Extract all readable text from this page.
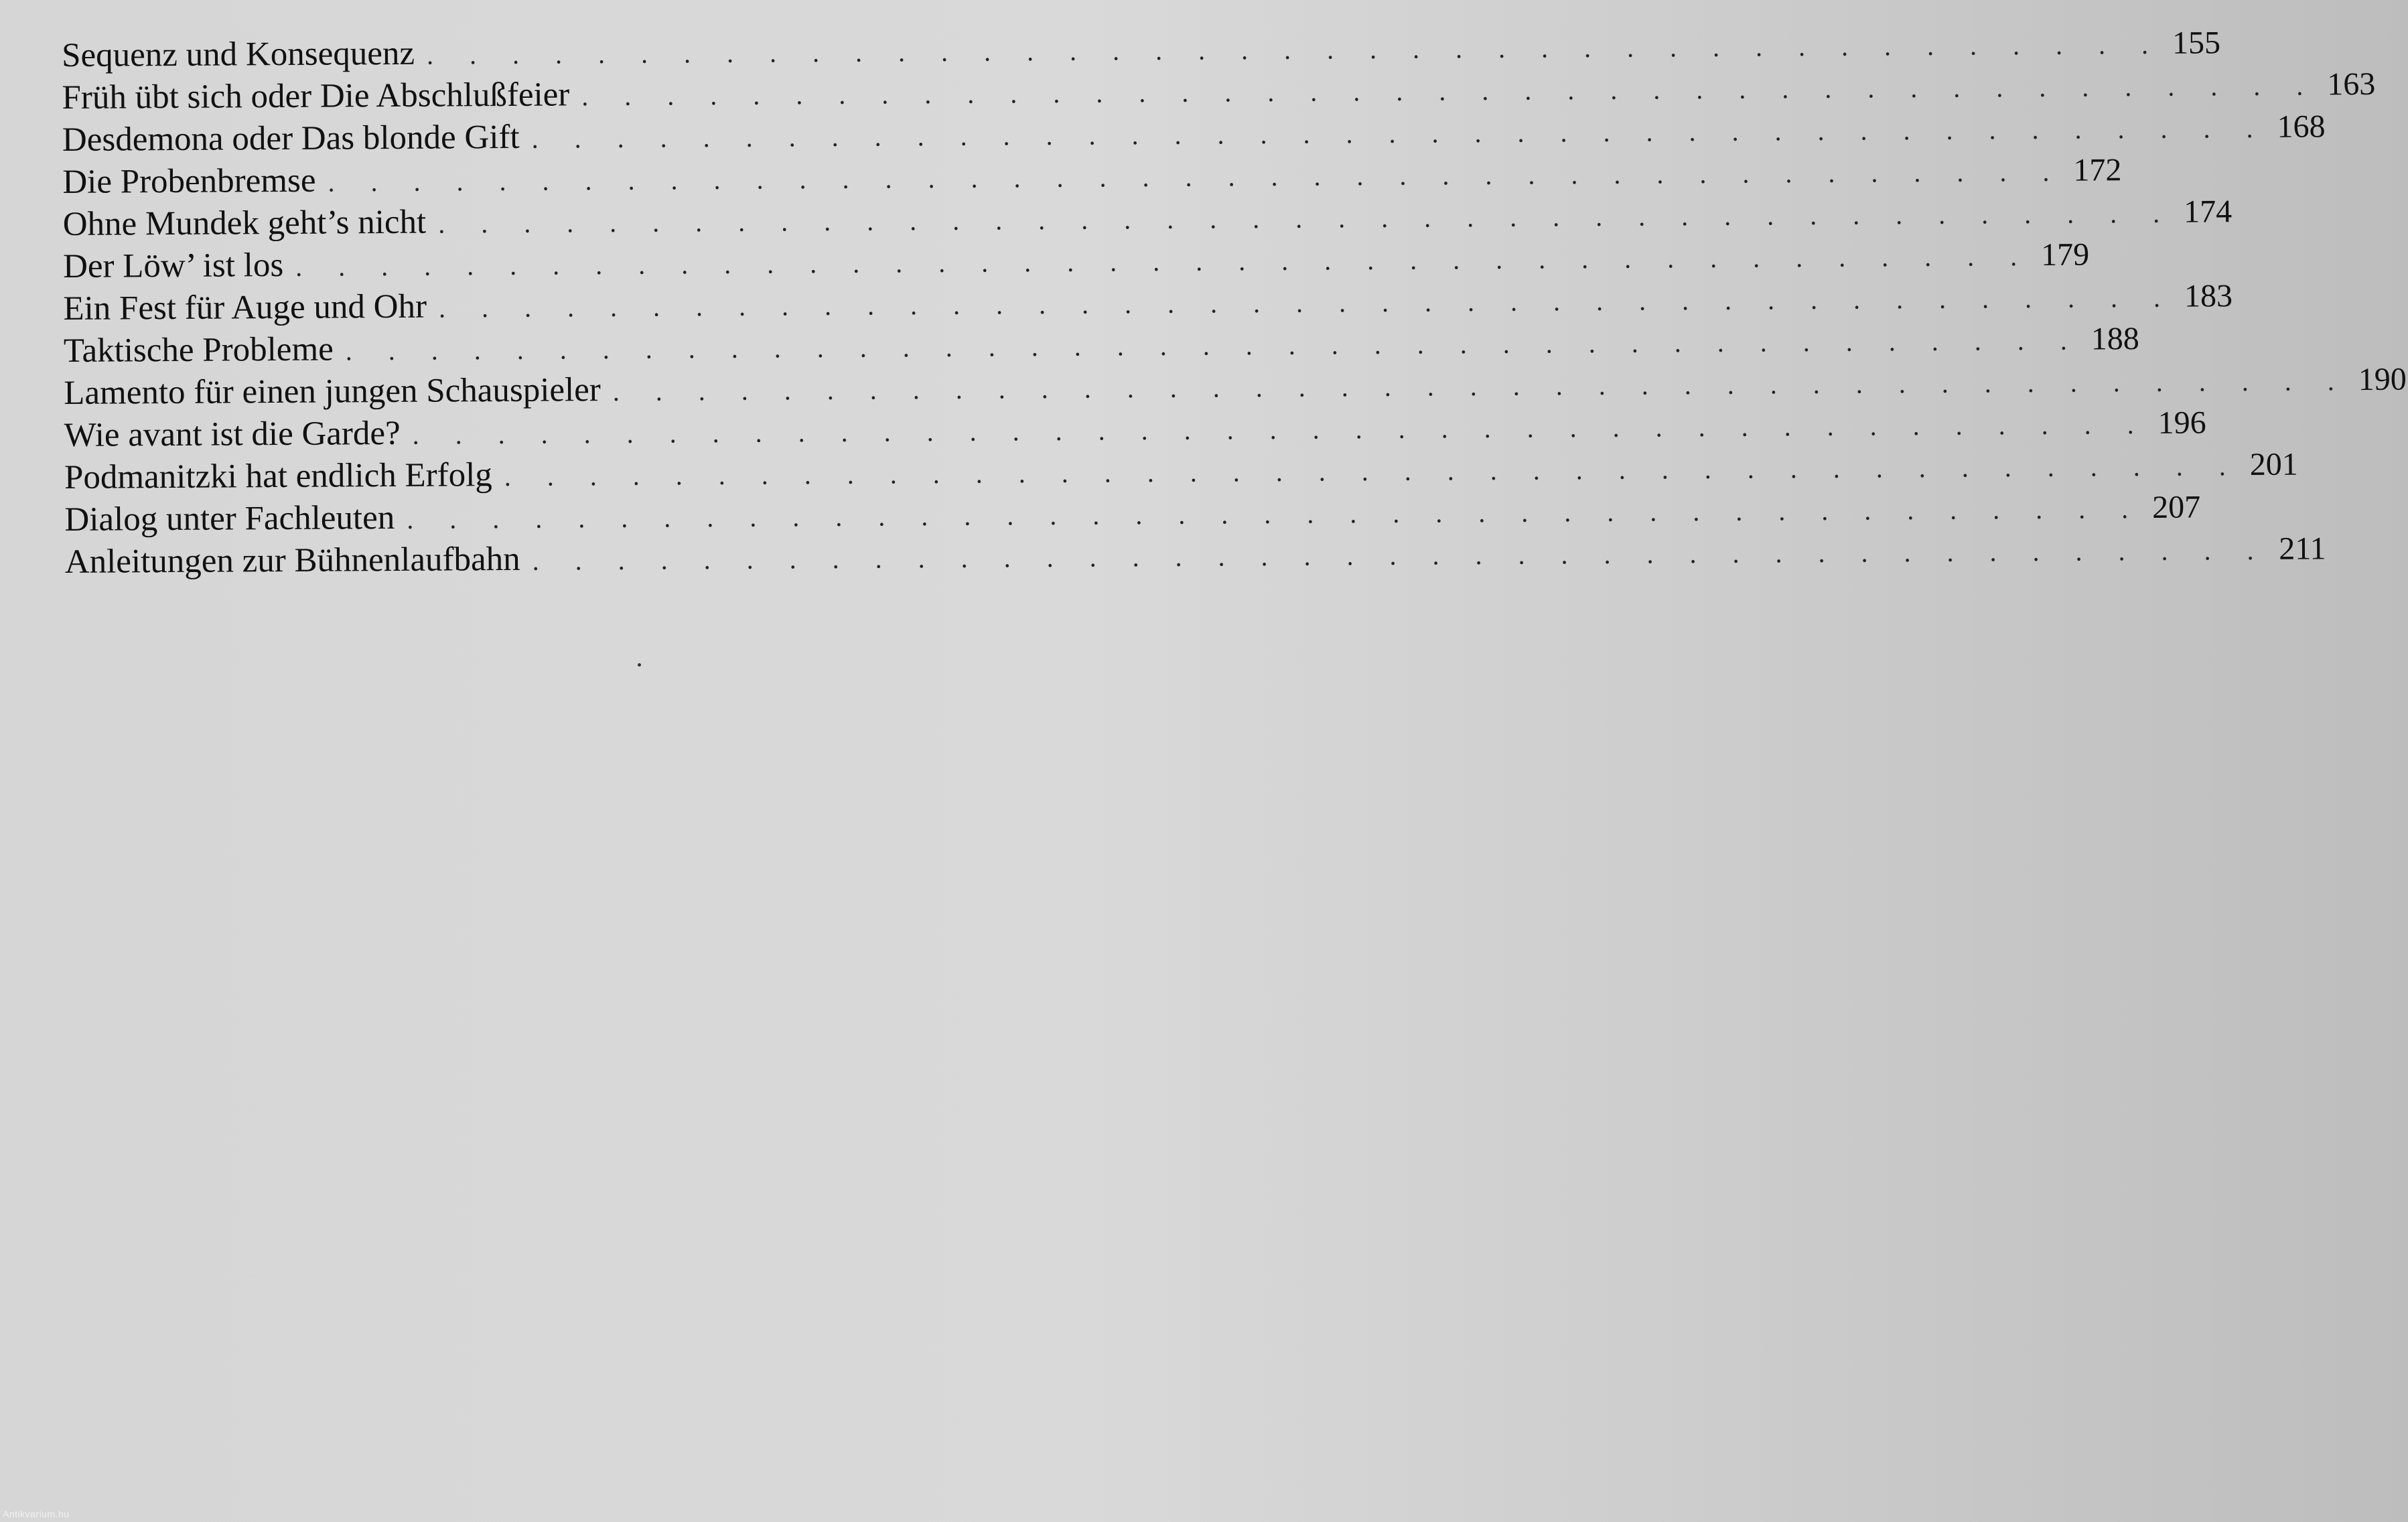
Sequenz und Konsequenz . . . . . . . . . . . . . . . . . . . . . . . . . . . . . . . . . . . . . . . . . 155
Früh übt sich oder Die Abschlußfeier . . . . . . . . . . . . . . . . . . . . . . . . . . . . . . . . . . . . . . . . . 163
Desdemona oder Das blonde Gift . . . . . . . . . . . . . . . . . . . . . . . . . . . . . . . . . . . . . . . . . 168
Die Probenbremse . . . . . . . . . . . . . . . . . . . . . . . . . . . . . . . . . . . . . . . . . 172
Ohne Mundek geht’s nicht . . . . . . . . . . . . . . . . . . . . . . . . . . . . . . . . . . . . . . . . . 174
Der Löw’ ist los . . . . . . . . . . . . . . . . . . . . . . . . . . . . . . . . . . . . . . . . . 179
Ein Fest für Auge und Ohr . . . . . . . . . . . . . . . . . . . . . . . . . . . . . . . . . . . . . . . . . 183
Taktische Probleme . . . . . . . . . . . . . . . . . . . . . . . . . . . . . . . . . . . . . . . . . 188
Lamento für einen jungen Schauspieler . . . . . . . . . . . . . . . . . . . . . . . . . . . . . . . . . . . . . . . . . 190
Wie avant ist die Garde? . . . . . . . . . . . . . . . . . . . . . . . . . . . . . . . . . . . . . . . . . 196
Podmanitzki hat endlich Erfolg . . . . . . . . . . . . . . . . . . . . . . . . . . . . . . . . . . . . . . . . . 201
Dialog unter Fachleuten . . . . . . . . . . . . . . . . . . . . . . . . . . . . . . . . . . . . . . . . . 207
Anleitungen zur Bühnenlaufbahn . . . . . . . . . . . . . . . . . . . . . . . . . . . . . . . . . . . . . . . . . 211
Antikvarium.hu
